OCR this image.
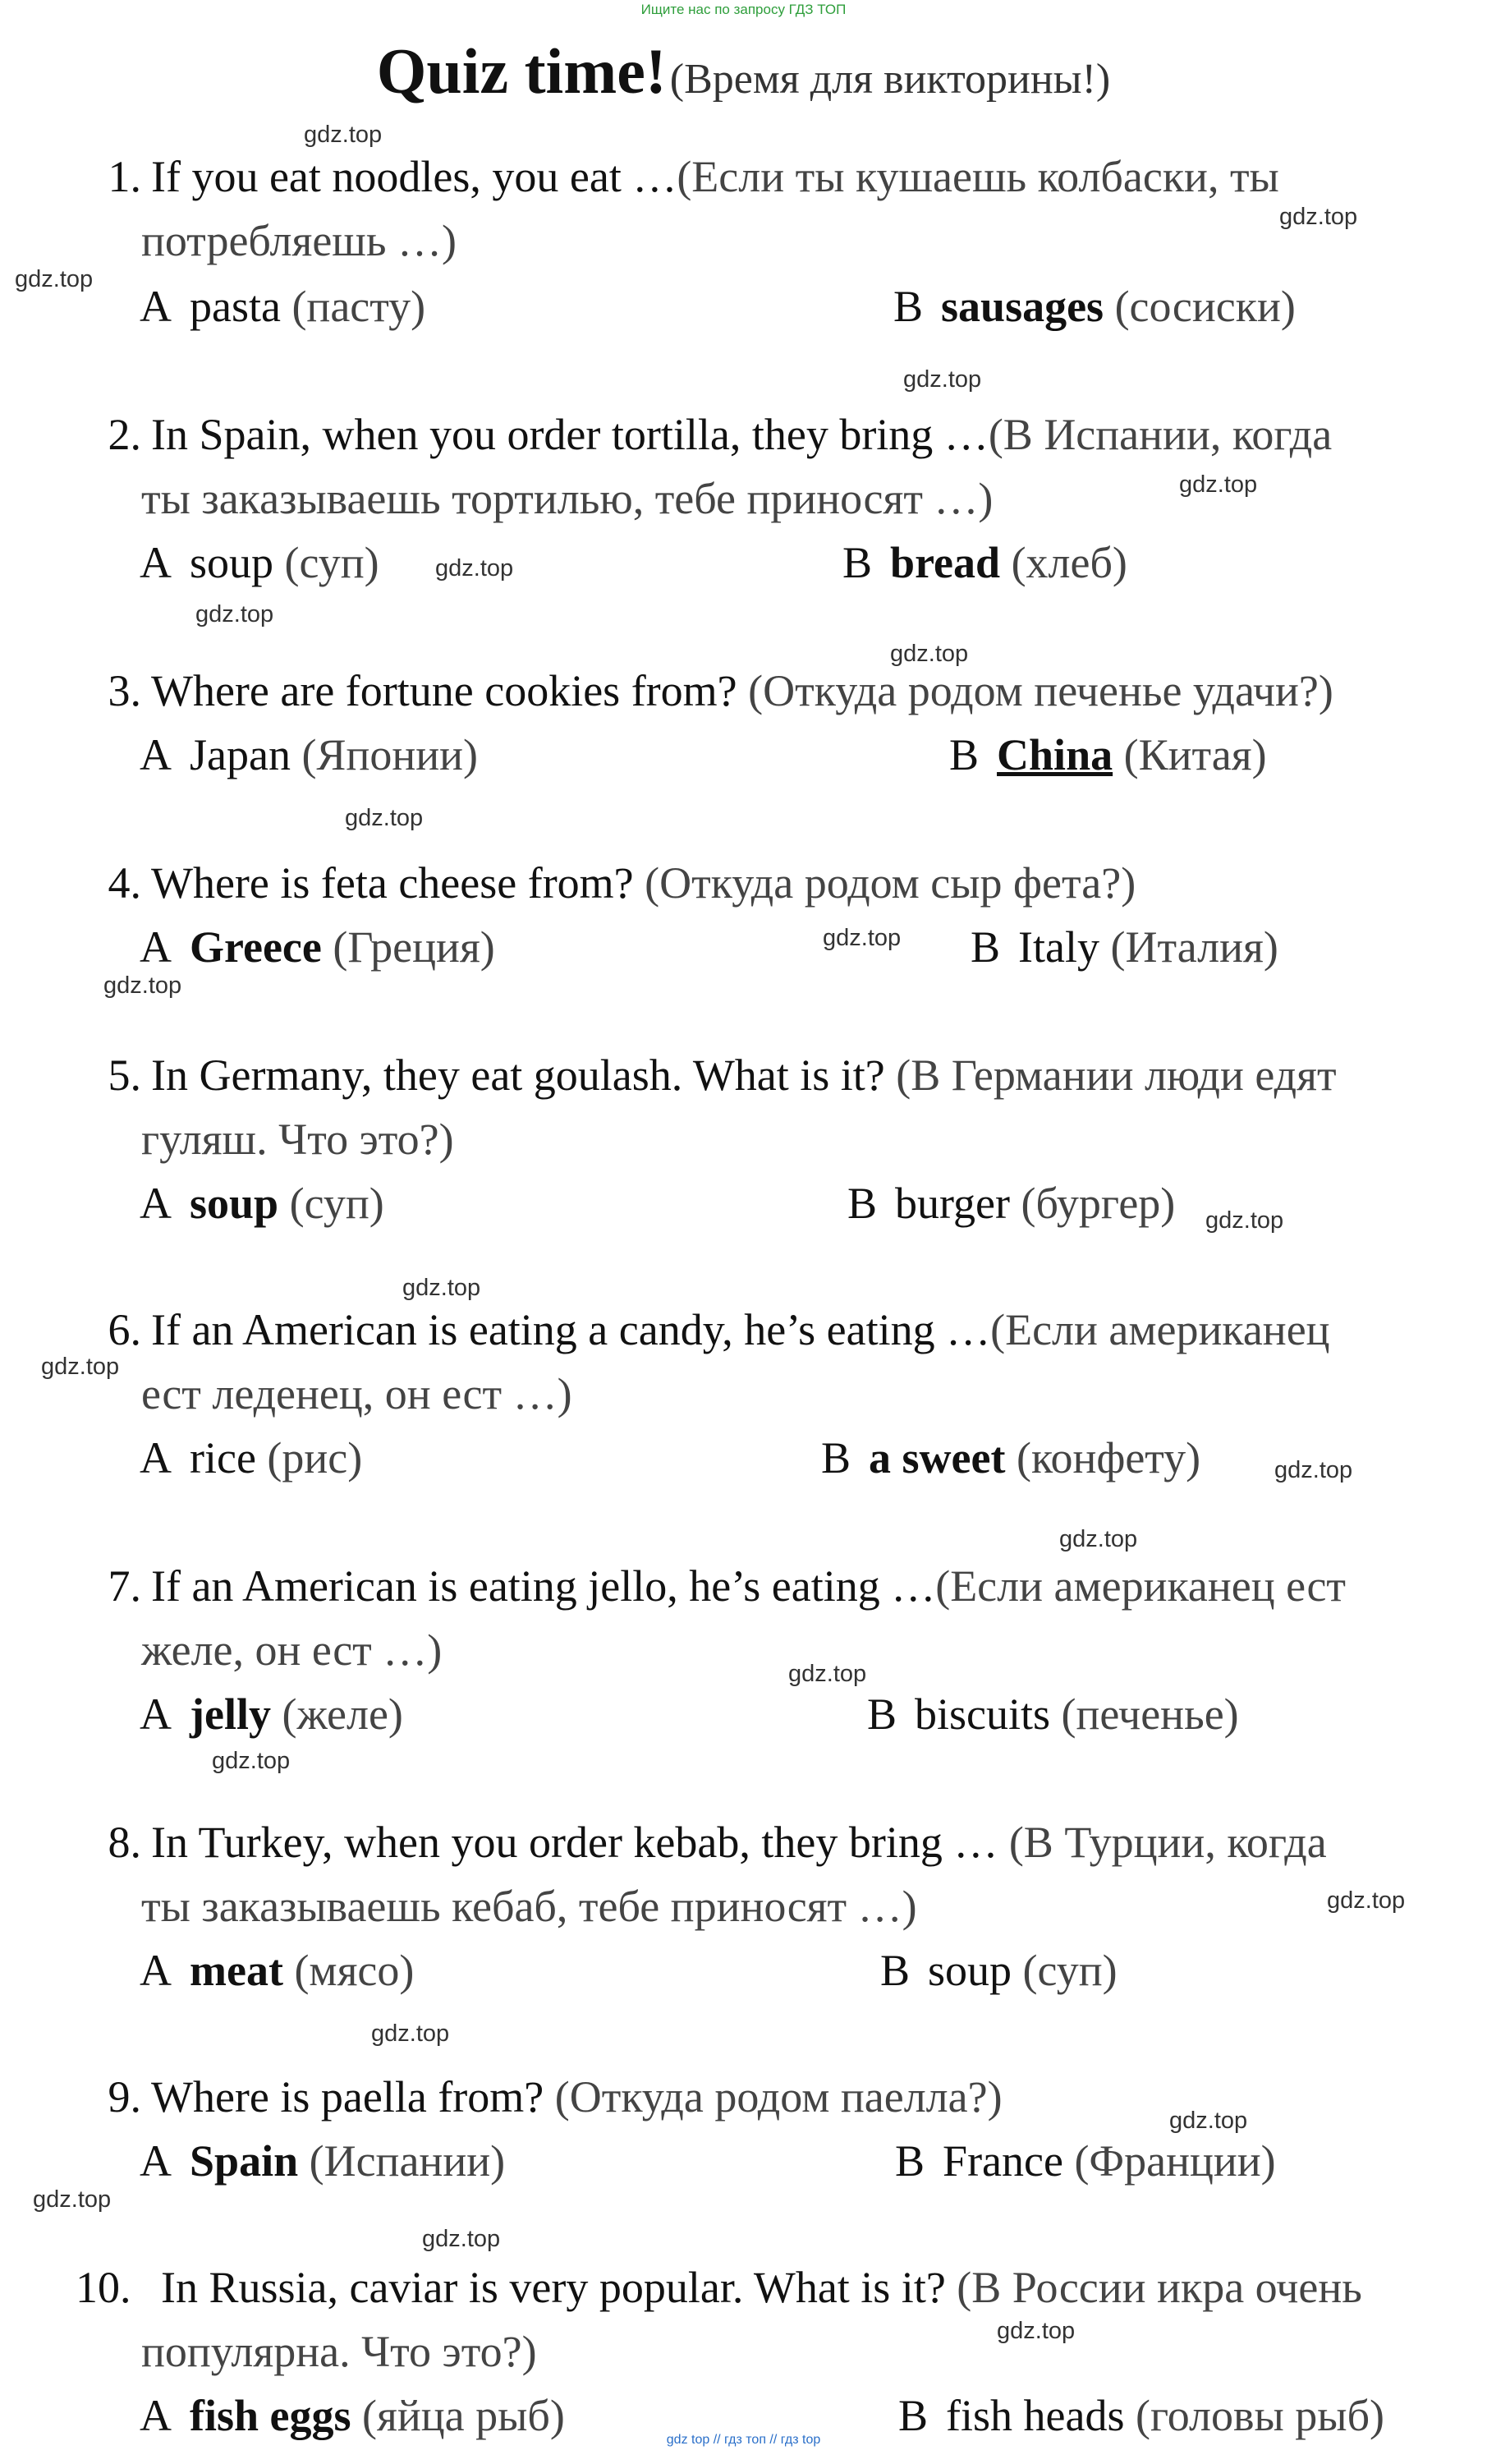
Ищите нас по запросу ГДЗ ТОП
Quiz time! (Время для викторины!)
1. If you eat noodles, you eat …(Если ты кушаешь колбаски, ты
потребляешь …)
A pasta (пасту)	B sausages (сосиски)
2. In Spain, when you order tortilla, they bring …(В Испании, когда
ты заказываешь тортилью, тебе приносят …)
A soup (суп)	B bread (хлеб)
3. Where are fortune cookies from? (Откуда родом печенье удачи?)
A Japan (Японии)	B China (Китая)
4. Where is feta cheese from? (Откуда родом сыр фета?)
A Greece (Греция)	B Italy (Италия)
5. In Germany, they eat goulash. What is it? (В Германии люди едят
гуляш. Что это?)
A soup (суп)	B burger (бургер)
6. If an American is eating a candy, he’s eating …(Если американец
ест леденец, он ест …)
A rice (рис)	B a sweet (конфету)
7. If an American is eating jello, he’s eating …(Если американец ест
желе, он ест …)
A jelly (желе)	B biscuits (печенье)
8. In Turkey, when you order kebab, they bring … (В Турции, когда
ты заказываешь кебаб, тебе приносят …)
A meat (мясо)	B soup (суп)
9. Where is paella from? (Откуда родом паелла?)
A Spain (Испании)	B France (Франции)
10. In Russia, caviar is very popular. What is it? (В России икра очень
популярна. Что это?)
A fish eggs (яйца рыб)	B fish heads (головы рыб)
gdz.top
gdz.top
gdz.top
gdz.top
gdz.top
gdz.top
gdz.top
gdz.top
gdz.top
gdz.top
gdz.top
gdz.top
gdz.top
gdz.top
gdz.top
gdz.top
gdz.top
gdz.top
gdz.top
gdz.top
gdz.top
gdz.top
gdz.top
gdz.top
gdz top // гдз топ // гдз top
